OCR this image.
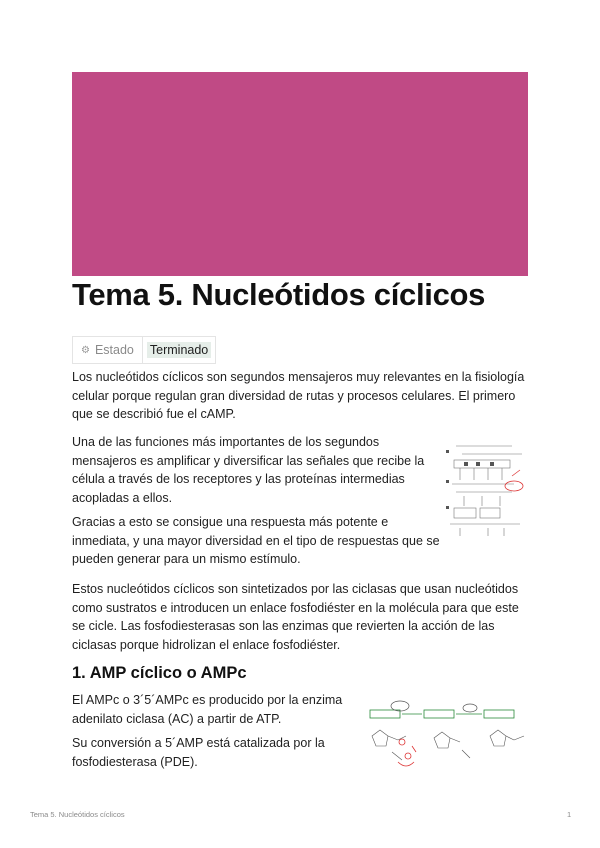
Tema 5. Nucleótidos cíclicos
⚙ Estado Terminado

Los nucleótidos cíclicos son segundos mensajeros muy relevantes en la fisiología celular porque regulan gran diversidad de rutas y procesos celulares. El primero que se describió fue el cAMP.

Una de las funciones más importantes de los segundos mensajeros es amplificar y diversificar las señales que recibe la célula a través de los receptores y las proteínas intermedias acopladas a ellos.

Gracias a esto se consigue una respuesta más potente e inmediata, y una mayor diversidad en el tipo de respuestas que se pueden generar para un mismo estímulo.

Estos nucleótidos cíclicos son sintetizados por las ciclasas que usan nucleótidos como sustratos e introducen un enlace fosfodiéster en la molécula para que este se cicle. Las fosfodiesterasas son las enzimas que revierten la acción de las ciclasas porque hidrolizan el enlace fosfodiéster.

1. AMP cíclico o AMPc

El AMPc o 3´5´AMPc es producido por la enzima adenilato ciclasa (AC) a partir de ATP.

Su conversión a 5´AMP está catalizada por la fosfodiesterasa (PDE).

Tema 5. Nucleótidos cíclicos	1
